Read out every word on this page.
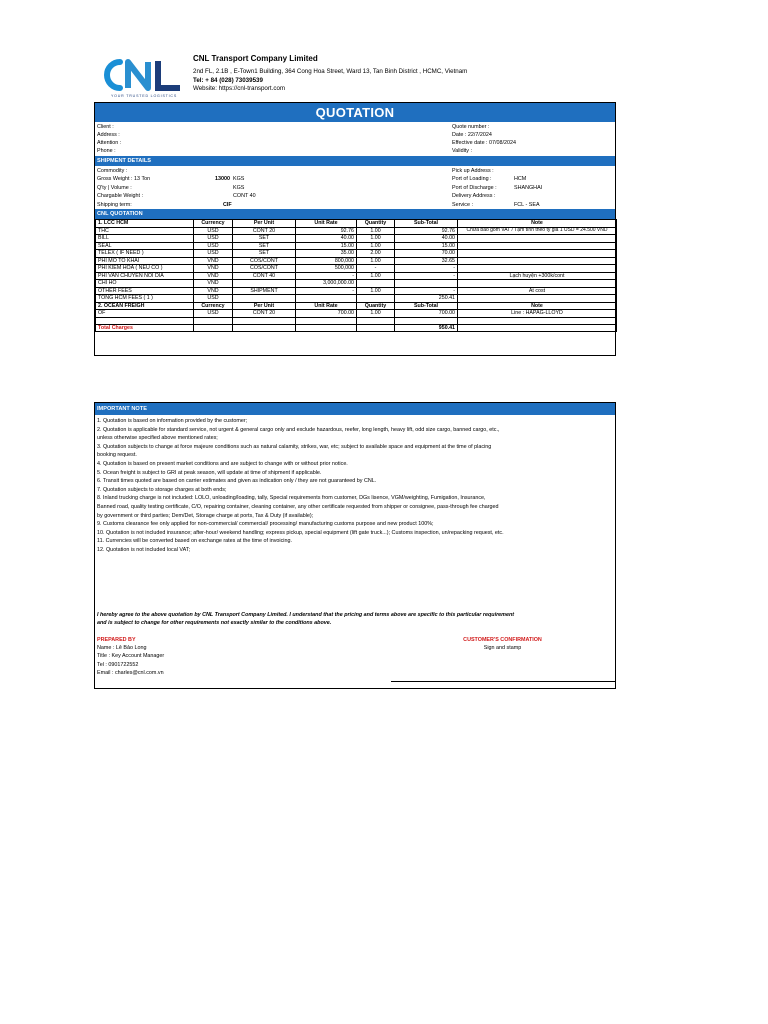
YOUR TRUSTED LOGISTICS
CNL Transport Company Limited
2nd FL, 2.1B , E-Town1 Building, 364 Cong Hoa Street, Ward 13, Tan Binh District , HCMC, Vietnam
Tel: + 84 (028) 73039539
Website: https://cnl-transport.com
QUOTATION
Client :	Quote number :
Address :	Date : 22/7/2024
Attention :	Effective date : 07/08/2024
Phone :	Validity :
SHIPMENT DETAILS
Commodity :	Pick up Address :
Gross Weight : 13 Ton	13000 KGS	Port of Loading :	HCM
Q'ty | Volume :	KGS	Port of Discharge :	SHANGHAI
Chargable Weight :	CONT 40	Delivery Address :
Shipping term:	CIF	Service :	FCL - SEA
CNL QUOTATION
1. LCC HCM	Currency	Per Unit	Unit Rate	Quantity	Sub-Total	Note
THC	USD	CONT 20	92.76	1.00	92.76	Chưa bao gồm VAT / Tạm tính theo tỷ giá 1 USD = 24.500 VND
BILL	USD	SET	40.00	1.00	40.00	
SEAL	USD	SET	15.00	1.00	15.00	
TELEX ( IF NEED )	USD	SET	35.00	2.00	70.00	
PHI MO TO KHAI	VND	COS/CONT	800,000	1.00	32.65	
PHI KIEM HOA ( NEU CO )	VND	COS/CONT	500,000	-	-	
PHI VAN CHUYEN NOI DIA	VND	CONT 40	-	1.00	-	Lạch huyện +300k/cont
CHI HO	VND		3,000,000.00			
OTHER FEES	VND	SHIPMENT	-	1.00	-	At cost
TONG HCM FEES ( 1 )	USD				250.41	
2. OCEAN FREIGH	Currency	Per Unit	Unit Rate	Quantity	Sub-Total	Note
OF	USD	CONT 20	700.00	1.00	700.00	Line : HAPAG-LLOYD

Total Charges					950.41	
IMPORTANT NOTE
1. Quotation is based on information provided by the customer;
2. Quotation is applicable for standard service, not urgent & general cargo only and exclude hazardous, reefer, long length, heavy lift, odd size cargo, banned cargo, etc.,
unless otherwise specified above mentioned rates;
3. Quotation subjects to change at force majeure conditions such as natural calamity, strikes, war, etc; subject to available space and equipment at the time of placing
booking request.
4. Quotation is based on present market conditions and are subject to change with or without prior notice.
5. Ocean freight is subject to GRI at peak season, will update at time of shipment if applicable.
6. Transit times quoted are based on carrier estimates and given as indication only / they are not guaranteed by CNL.
7. Quotation subjects to storage charges at both ends;
8. Inland trucking charge is not included: LOLO, unloading/loading, tally, Special requirements from customer, DGs lisence, VGM/weighting, Fumigation, Insurance,
Banned road, quality testing certificate, C/O, repairing container, cleaning container, any other certificate requested from shipper or consignee, pass-through fee charged
by government or third parties; Dem/Det, Storage charge at ports, Tax & Duty (if available);
9. Customs clearance fee only applied for non-commercial/ commercial/ processing/ manufacturing customs purpose and new product 100%;
10. Quotation is not included insurance; after-hour/ weekend handling; express pickup, special equipment (lift gate truck...); Customs inspection, un/repacking request, etc.
11. Currencies will be converted based on exchange rates at the time of invoicing.
12. Quotation is not included local VAT;
I hereby agree to the above quotation by CNL Transport Company Limited. I understand that the pricing and terms above are specific to this particular requirement
and is subject to change for other requirements not exactly similar to the conditions above.
PREPARED BY
Name : Lê Bảo Long
Title : Key Account Manager
Tel : 0901722552
Email : charles@cnl.com.vn
CUSTOMER'S CONFIRMATION
Sign and stamp
